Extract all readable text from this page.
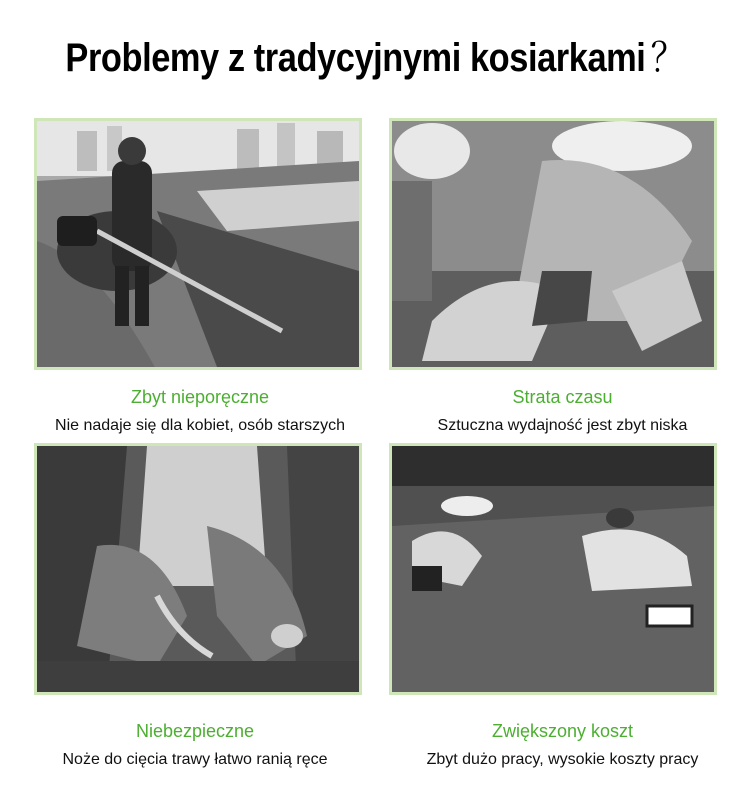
Problemy z tradycyjnymi kosiarkami ？
Zbyt nieporęczne
Nie nadaje się dla kobiet, osób starszych
Strata czasu
Sztuczna wydajność jest zbyt niska
Niebezpieczne
Noże do cięcia trawy łatwo ranią ręce
Zwiększony koszt
Zbyt dużo pracy, wysokie koszty pracy
